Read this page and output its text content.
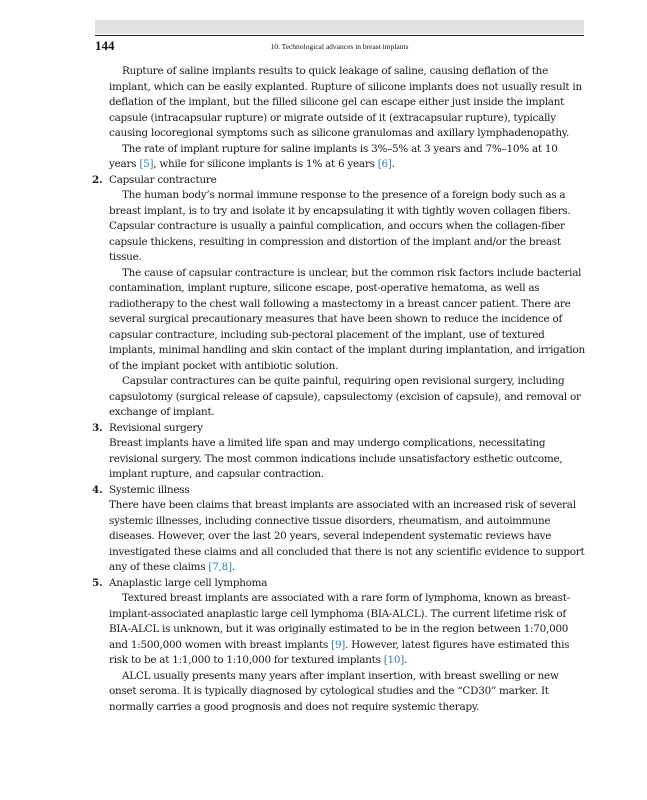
144	10. Technological advances in breast implants

Rupture of saline implants results to quick leakage of saline, causing deflation of the implant, which can be easily explanted. Rupture of silicone implants does not usually result in deflation of the implant, but the filled silicone gel can escape either just inside the implant capsule (intracapsular rupture) or migrate outside of it (extracapsular rupture), typically causing locoregional symptoms such as silicone granulomas and axillary lymphadenopathy.

The rate of implant rupture for saline implants is 3%–5% at 3 years and 7%–10% at 10 years [5], while for silicone implants is 1% at 6 years [6].

2. Capsular contracture

The human body’s normal immune response to the presence of a foreign body such as a breast implant, is to try and isolate it by encapsulating it with tightly woven collagen fibers. Capsular contracture is usually a painful complication, and occurs when the collagen-fiber capsule thickens, resulting in compression and distortion of the implant and/or the breast tissue.

The cause of capsular contracture is unclear, but the common risk factors include bacterial contamination, implant rupture, silicone escape, post-operative hematoma, as well as radiotherapy to the chest wall following a mastectomy in a breast cancer patient. There are several surgical precautionary measures that have been shown to reduce the incidence of capsular contracture, including sub-pectoral placement of the implant, use of textured implants, minimal handling and skin contact of the implant during implantation, and irrigation of the implant pocket with antibiotic solution.

Capsular contractures can be quite painful, requiring open revisional surgery, including capsulotomy (surgical release of capsule), capsulectomy (excision of capsule), and removal or exchange of implant.

3. Revisional surgery

Breast implants have a limited life span and may undergo complications, necessitating revisional surgery. The most common indications include unsatisfactory esthetic outcome, implant rupture, and capsular contraction.

4. Systemic illness

There have been claims that breast implants are associated with an increased risk of several systemic illnesses, including connective tissue disorders, rheumatism, and autoimmune diseases. However, over the last 20 years, several independent systematic reviews have investigated these claims and all concluded that there is not any scientific evidence to support any of these claims [7,8].

5. Anaplastic large cell lymphoma

Textured breast implants are associated with a rare form of lymphoma, known as breast-implant-associated anaplastic large cell lymphoma (BIA-ALCL). The current lifetime risk of BIA-ALCL is unknown, but it was originally estimated to be in the region between 1:70,000 and 1:500,000 women with breast implants [9]. However, latest figures have estimated this risk to be at 1:1,000 to 1:10,000 for textured implants [10].

ALCL usually presents many years after implant insertion, with breast swelling or new onset seroma. It is typically diagnosed by cytological studies and the “CD30” marker. It normally carries a good prognosis and does not require systemic therapy.
